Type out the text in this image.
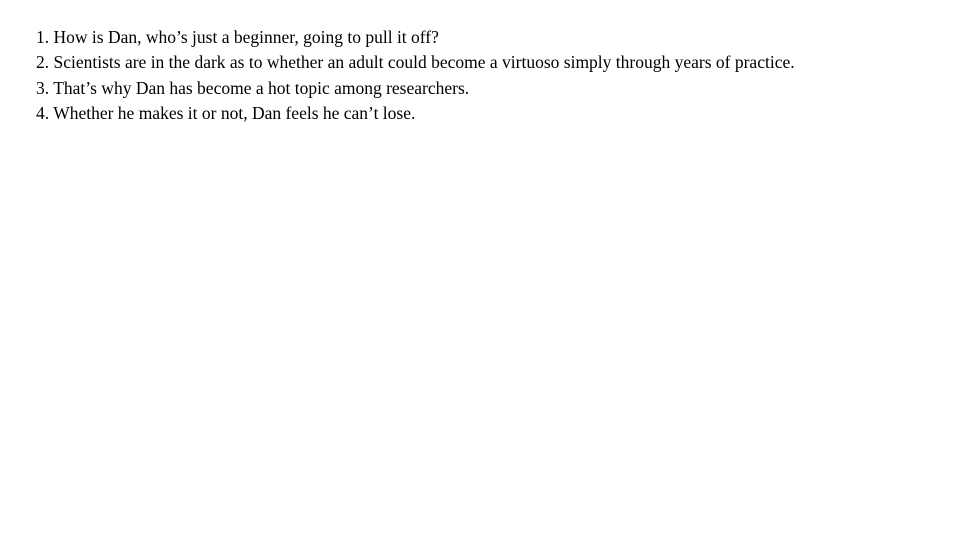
1. How is Dan, who’s just a beginner, going to pull it off?
2. Scientists are in the dark as to whether an adult could become a virtuoso simply through years of practice.
3. That’s why Dan has become a hot topic among researchers.
4. Whether he makes it or not, Dan feels he can’t lose.
